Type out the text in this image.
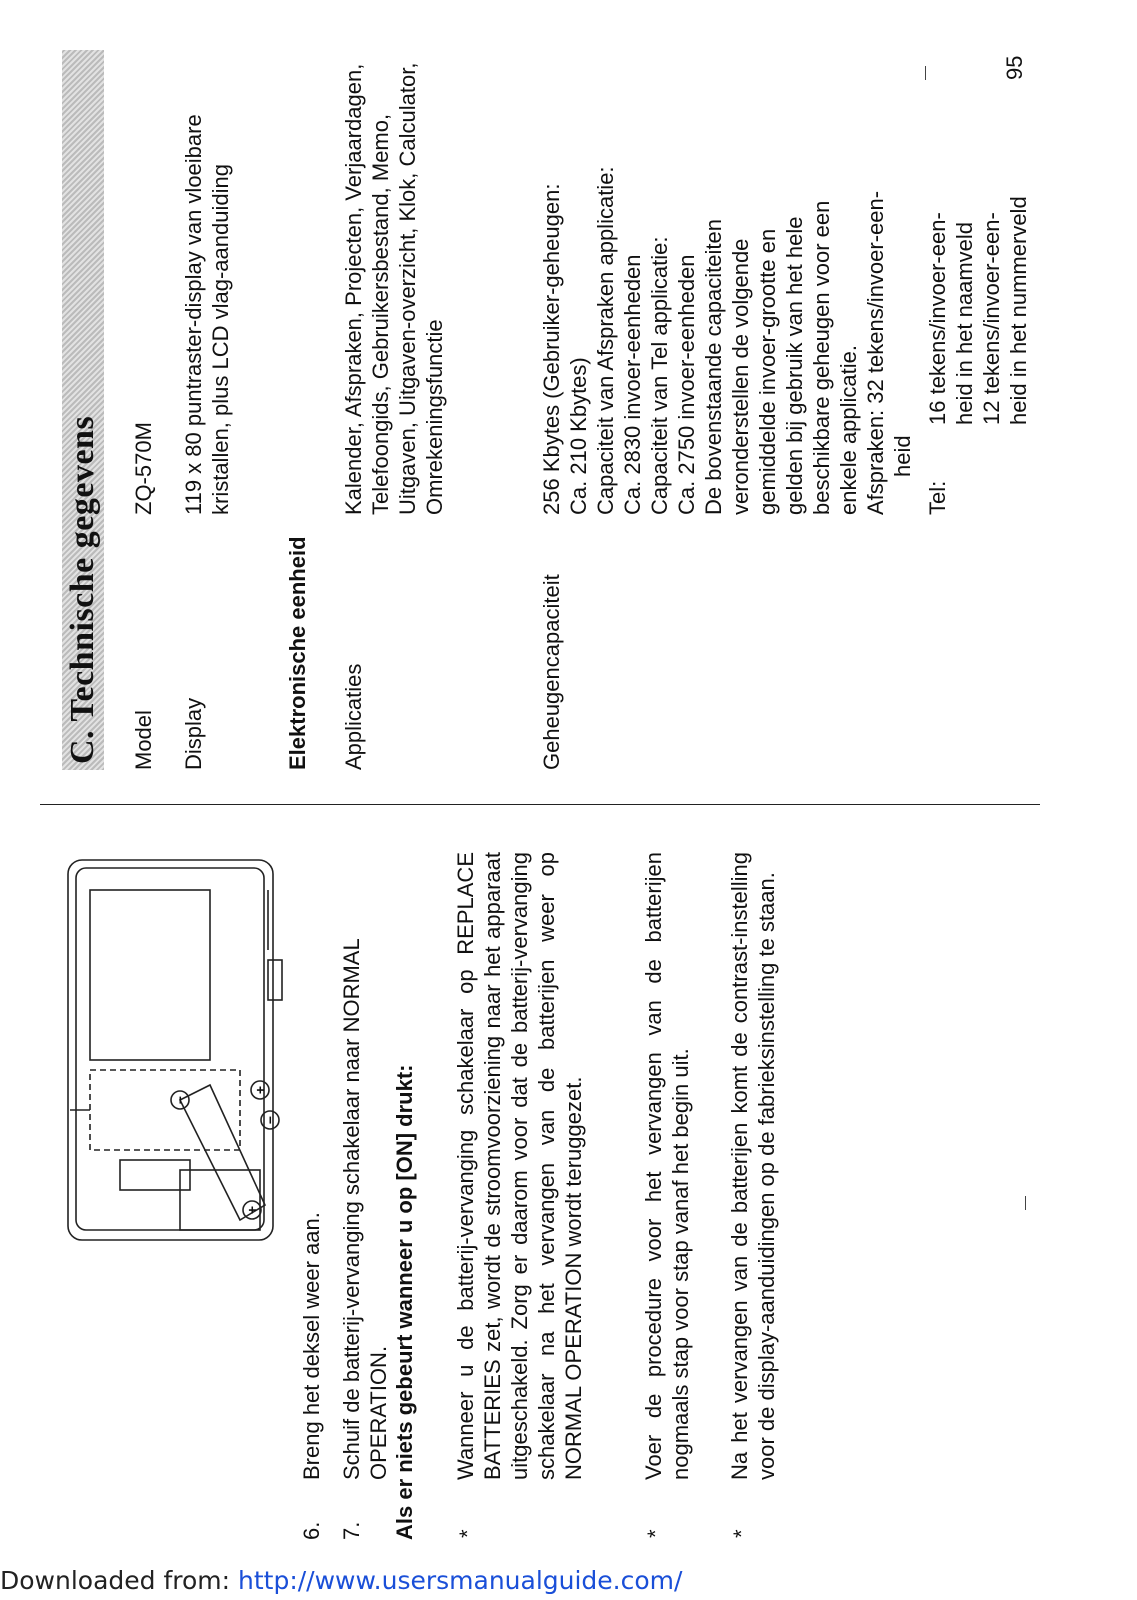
+
−
+
−
6.
Breng het deksel weer aan.
7.
Schuif de batterij-vervanging schakelaar naar NORMAL OPERATION. Als er niets gebeurt wanneer u op [ON] drukt: *
Wanneer u de batterij-vervanging schakelaar op REPLACE BATTERIES zet, wordt de stroomvoorziening naar het apparaat uitgeschakeld. Zorg er daarom voor dat de batterij-vervanging schakelaar na het vervangen van de batterijen weer op NORMAL OPERATION wordt teruggezet.
*
Voer de procedure voor het vervangen van de batterijen nogmaals stap voor stap vanaf het begin uit.
*
Na het vervangen van de batterijen komt de contrast-instelling voor de display-aanduidingen op de fabrieksinstelling te staan.
C. Technische gegevens Model
ZQ-570M
Display
119 x 80 puntraster-display van vloeibare kristallen, plus LCD vlag-aanduiding
Elektronische eenheid Applicaties
Kalender, Afspraken, Projecten, Verjaardagen, Telefoongids, Gebruikersbestand, Memo, Uitgaven, Uitgaven-overzicht, Klok, Calculator, Omrekeningsfunctie
Geheugencapaciteit
256 Kbytes (Gebruiker-geheugen: Ca. 210 Kbytes) Capaciteit van Afspraken applicatie: Ca. 2830 invoer-eenheden Capaciteit van Tel applicatie: Ca. 2750 invoer-eenheden De bovenstaande capaciteiten veronderstellen de volgende gemiddelde invoer-grootte en gelden bij gebruik van het hele beschikbare geheugen voor een enkele applicatie. Afspraken: 32 tekens/invoer-een-
heid
Tel:
16 tekens/invoer-een- heid in het naamveld 12 tekens/invoer-een- heid in het nummerveld
95
Downloaded from: http://www.usersmanualguide.com/
